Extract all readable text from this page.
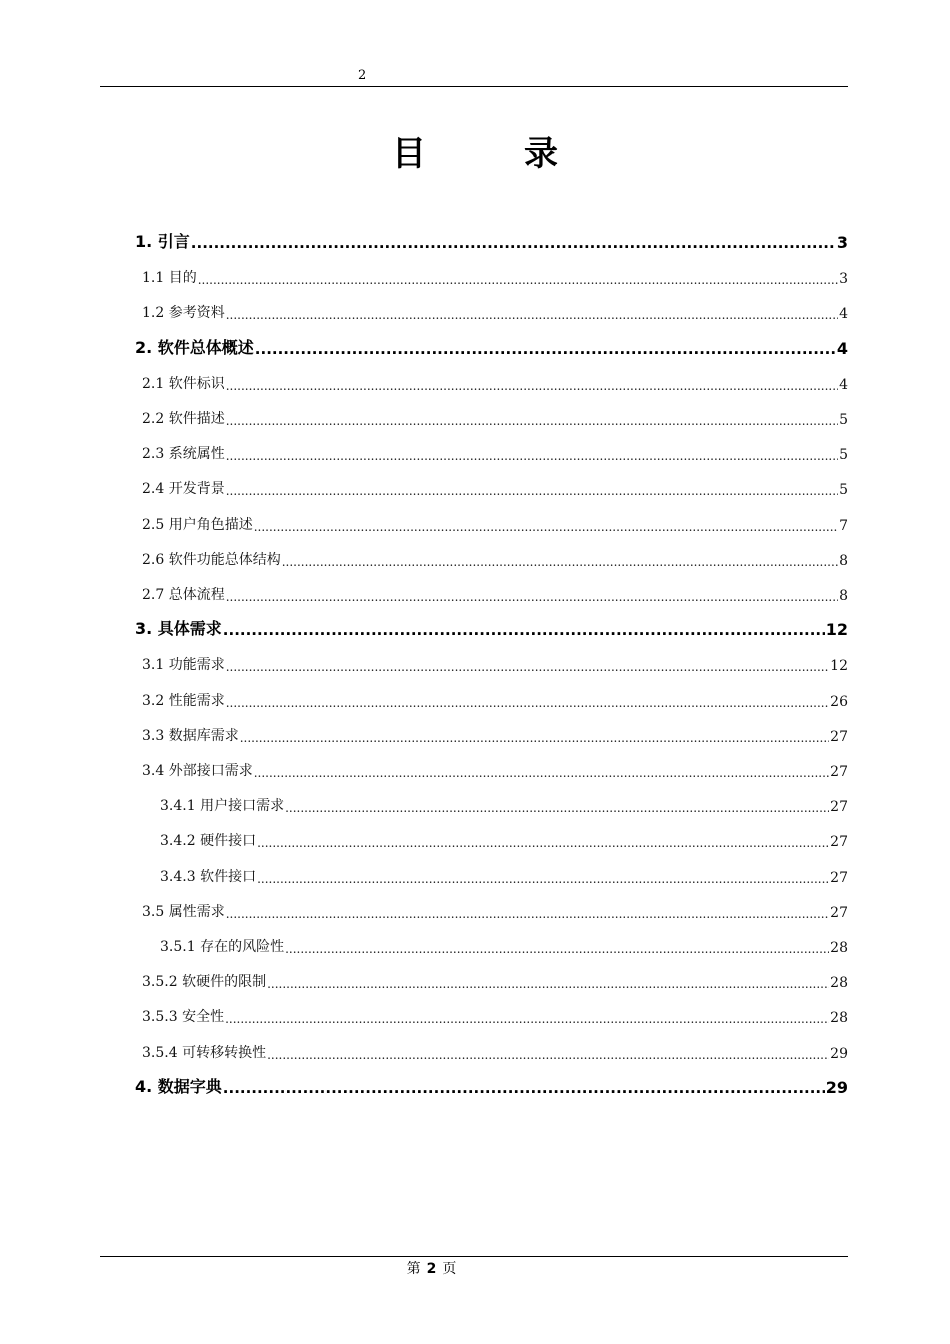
2
目　录
1. 引言 .....	3
1.1 目的 .....	3
1.2 参考资料 .....	4
2. 软件总体概述 .....	4
2.1 软件标识 .....	4
2.2 软件描述 .....	5
2.3 系统属性 .....	5
2.4 开发背景 .....	5
2.5 用户角色描述 .....	7
2.6 软件功能总体结构 .....	8
2.7 总体流程 .....	8
3. 具体需求 .....	12
3.1 功能需求 .....	12
3.2 性能需求 .....	26
3.3 数据库需求 .....	27
3.4 外部接口需求 .....	27
3.4.1 用户接口需求 .....	27
3.4.2 硬件接口 .....	27
3.4.3 软件接口 .....	27
3.5 属性需求 .....	27
3.5.1 存在的风险性 .....	28
3.5.2 软硬件的限制 .....	28
3.5.3 安全性 .....	28
3.5.4 可转移转换性 .....	29
4. 数据字典 .....	29
第 2 页
